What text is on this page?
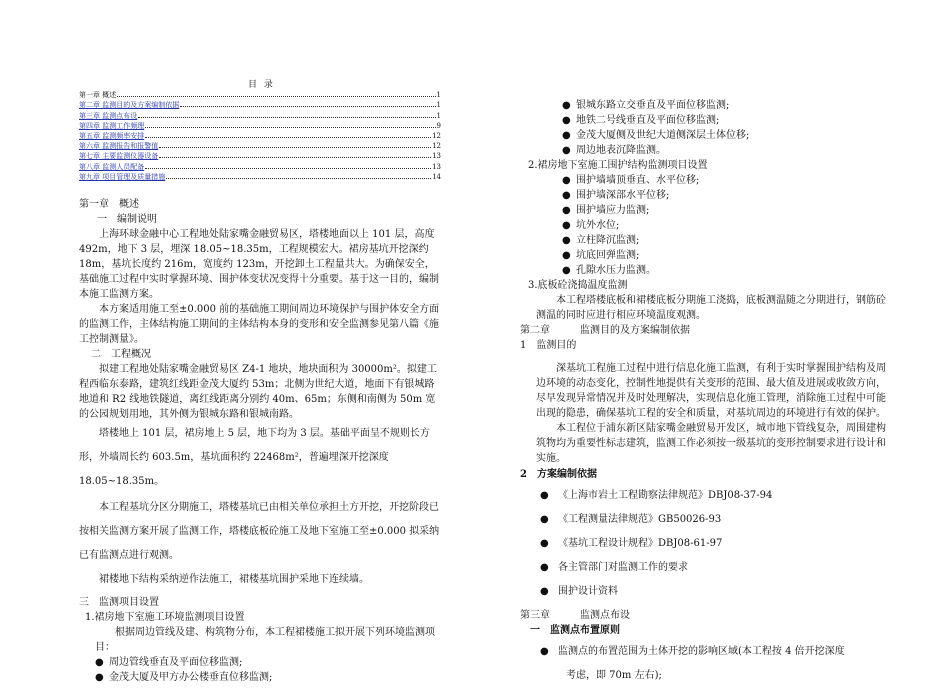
目 录
第一章 概述	1
第二章 监测目的及方案编制依据	1
第三章 监测点布设	1
第四章 监测工作频理	9
第五章 监测频率安排	12
第六章 监测报告和报警值	12
第七章 主要监测仪器设备	13
第八章 监测人员配备	13
第九章 项目管理及质量措施	14

第一章　概述

一　编制说明

上海环球金融中心工程地处陆家嘴金融贸易区，塔楼地面以上 101 层，高度 492m，地下 3 层，埋深 18.05~18.35m，工程规模宏大。裙房基坑开挖深约 18m，基坑长度约 216m，宽度约 123m，开挖卸土工程量共大。为确保安全，基础施工过程中实时掌握环境、围护体变状况变得十分重要。基于这一目的，编制本施工监测方案。

本方案适用施工至±0.000 前的基础施工期间周边环境保护与围护体安全方面的监测工作，主体结构施工期间的主体结构本身的变形和安全监测参见第八篇《施工控制测量》。

二　工程概况

拟建工程地处陆家嘴金融贸易区 Z4-1 地块，地块面积为 30000m²。拟建工程西临东泰路，建筑红线距金茂大厦约 53m；北侧为世纪大道，地面下有银城路地道和 R2 线地铁隧道，离红线距离分别约 40m、65m；东侧和南侧为 50m 宽的公园规划用地，其外侧为银城东路和银城南路。

塔楼地上 101 层，裙房地上 5 层，地下均为 3 层。基础平面呈不规则长方形，外墙周长约 603.5m，基坑面积约 22468m²，普遍埋深开挖深度 18.05~18.35m。

本工程基坑分区分期施工，塔楼基坑已由相关单位承担土方开挖，开挖阶段已按相关监测方案开展了监测工作，塔楼底板砼施工及地下室施工至±0.000 拟采纳已有监测点进行观测。

裙楼地下结构采纳逆作法施工，裙楼基坑围护采地下连续墙。

三　监测项目设置

1.裙房地下室施工环境监测项目设置

根据周边管线及建、构筑物分布，本工程裙楼施工拟开展下列环境监测项目：

● 周边管线垂直及平面位移监测;
● 金茂大厦及甲方办公楼垂直位移监测;
● 银城东路立交垂直及平面位移监测;
● 地铁二号线垂直及平面位移监测;
● 金茂大厦侧及世纪大道侧深层土体位移;
● 周边地表沉降监测。

2.裙房地下室施工围护结构监测项目设置

● 围护墙墙顶垂直、水平位移;
● 围护墙深部水平位移;
● 围护墙应力监测;
● 坑外水位;
● 立柱降沉监测;
● 坑底回弹监测;
● 孔隙水压力监测。

3.底板砼浇捣温度监测

本工程塔楼底板和裙楼底板分期施工浇捣，底板测温随之分期进行，钢筋砼测温的同时应进行相应环境温度观测。

第二章　　　监测目的及方案编制依据

1　监测目的

深基坑工程施工过程中进行信息化施工监测，有利于实时掌握围护结构及周边环境的动态变化，控制性地提供有关变形的范围、最大值及进展或收敛方向，尽早发现异常情况并及时处理解决，实现信息化施工管理，消除施工过程中可能出现的隐患，确保基坑工程的安全和质量，对基坑周边的环境进行有效的保护。

本工程位于浦东新区陆家嘴金融贸易开发区，城市地下管线复杂，周围建构筑物均为重要性标志建筑，监测工作必须按一级基坑的变形控制要求进行设计和实施。

2　方案编制依据

● 《上海市岩土工程勘察法律规范》DBJ08-37-94
● 《工程测量法律规范》GB50026-93
● 《基坑工程设计规程》DBJ08-61-97
● 各主管部门对监测工作的要求
● 围护设计资料

第三章　　　监测点布设

一　监测点布置原则

● 监测点的布置范围为土体开挖的影响区域(本工程按 4 倍开挖深度

考虑，即 70m 左右);
